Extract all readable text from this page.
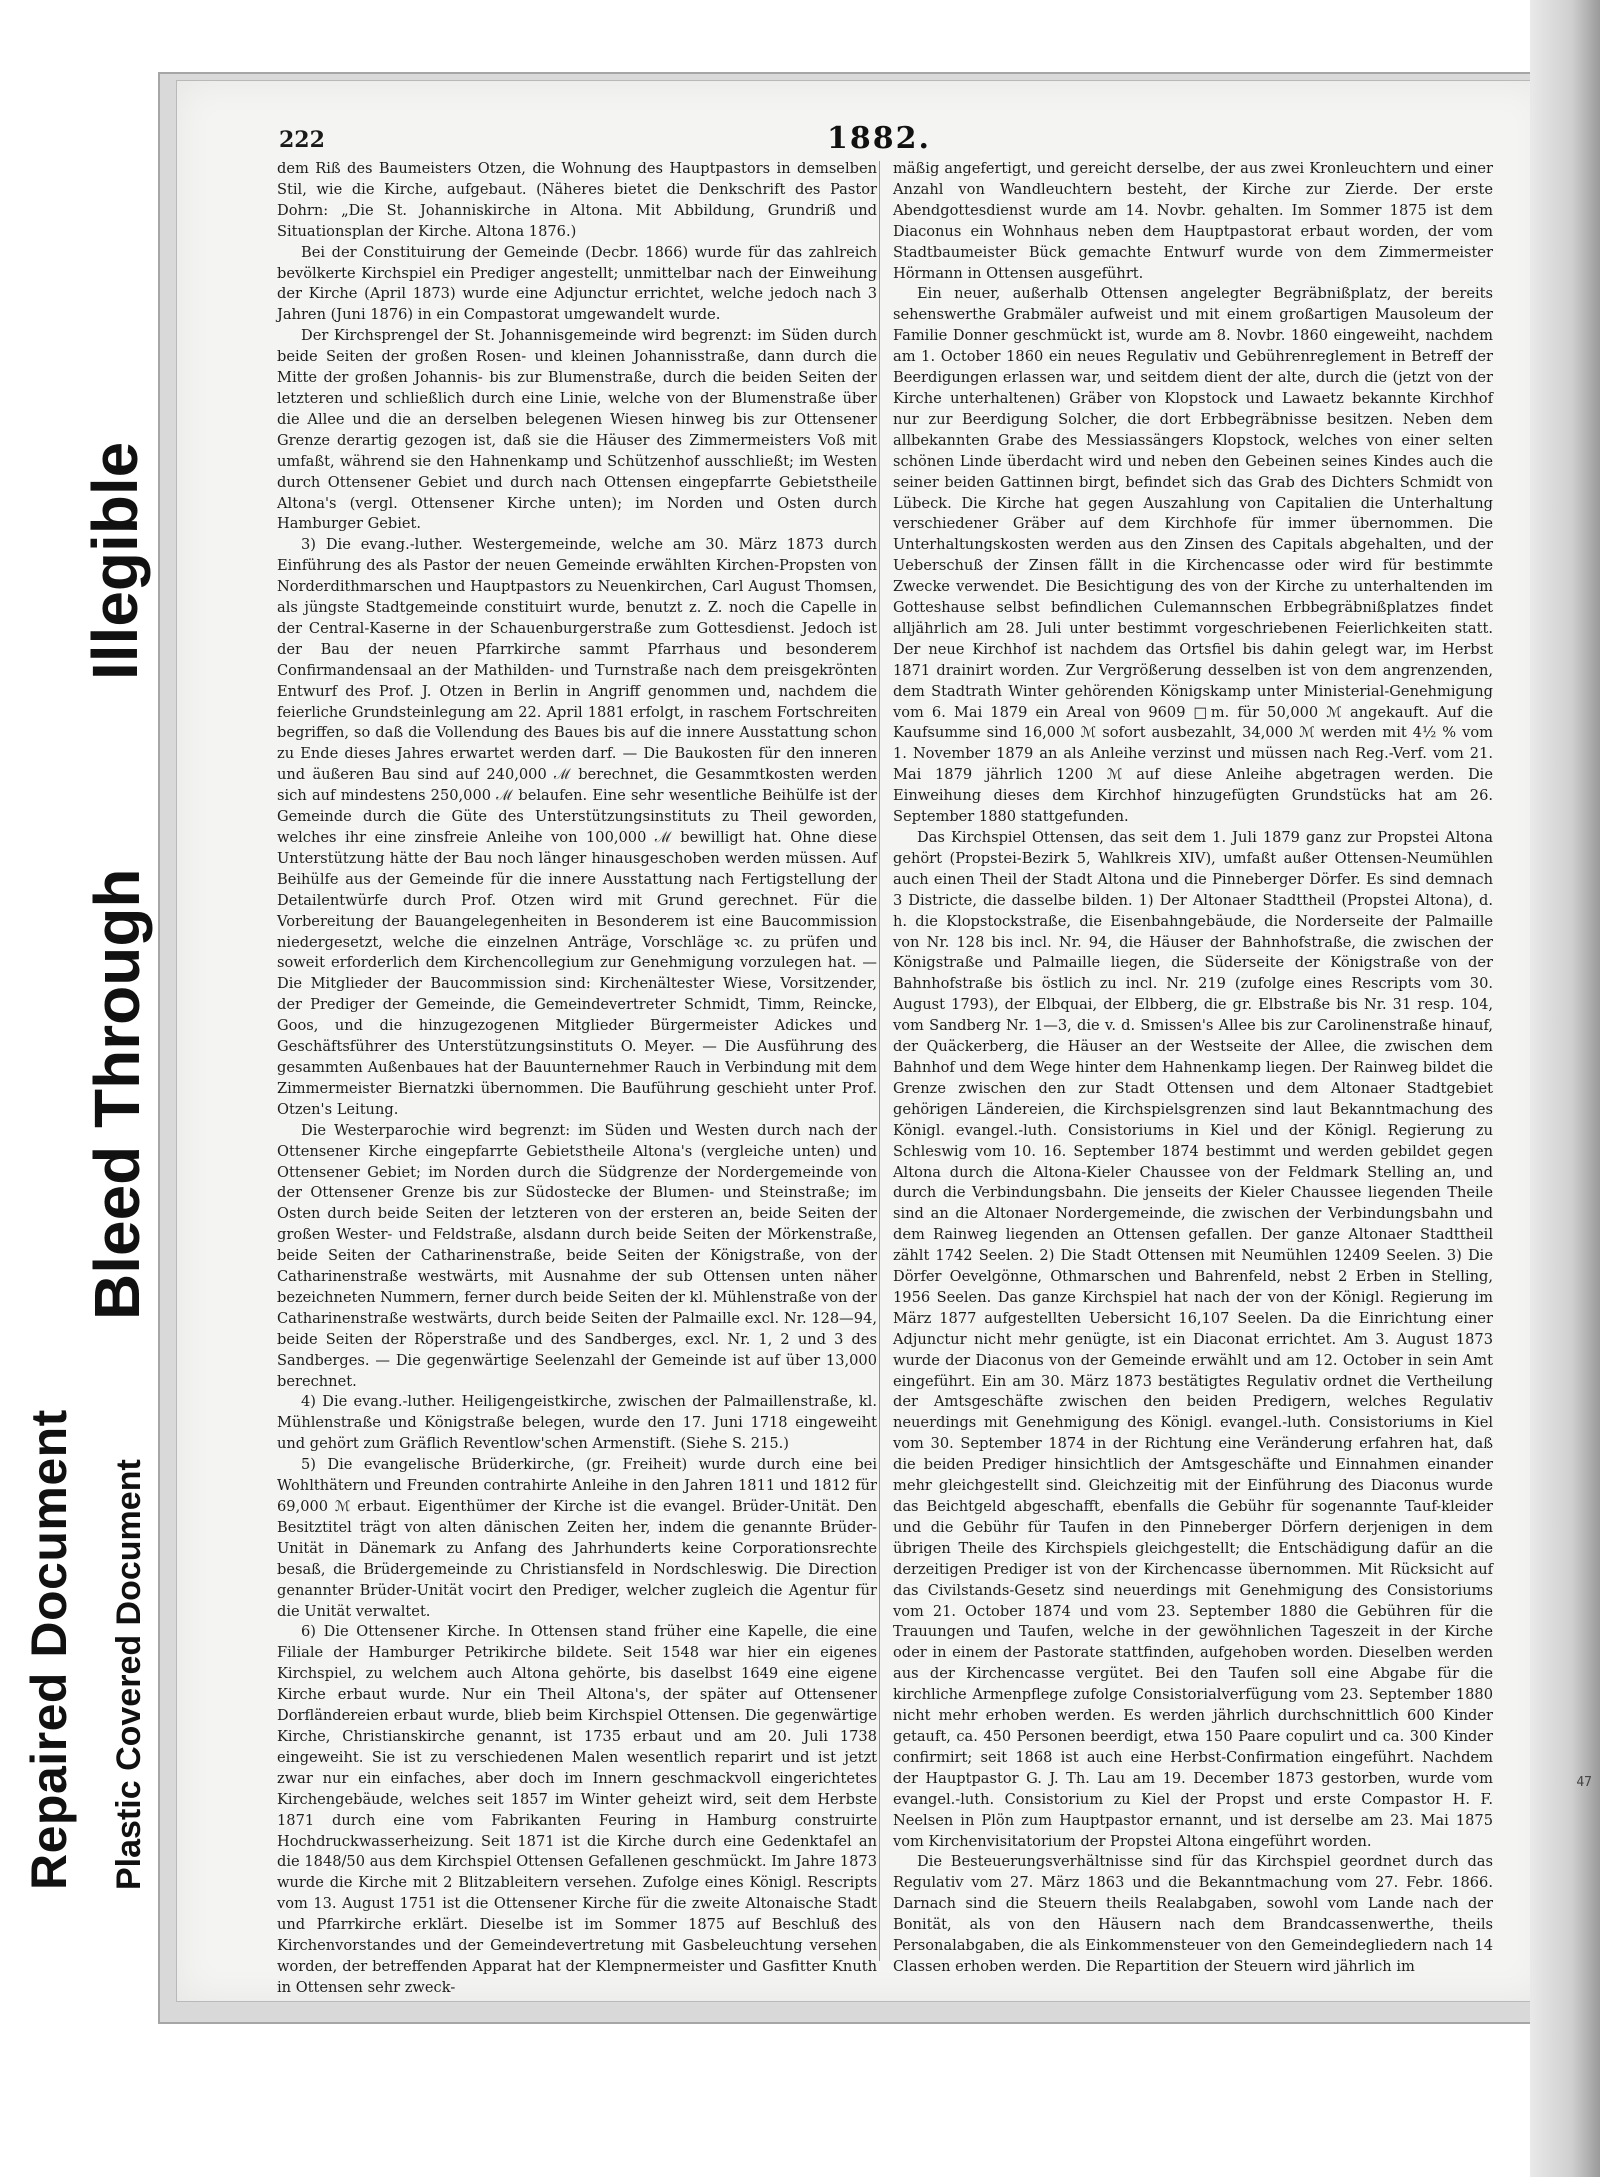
Repaired Document Plastic Covered Document
Bleed Through
Illegible
222	1882.

dem Riß des Baumeisters Otzen, die Wohnung des Hauptpastors in demselben Stil, wie die Kirche, aufgebaut. (Näheres bietet die Denkschrift des Pastor Dohrn: „Die St. Johanniskirche in Altona. Mit Abbildung, Grundriß und Situationsplan der Kirche. Altona 1876.)

Bei der Constituirung der Gemeinde (Decbr. 1866) wurde für das zahlreich bevölkerte Kirchspiel ein Prediger angestellt; unmittelbar nach der Einweihung der Kirche (April 1873) wurde eine Adjunctur errichtet, welche jedoch nach 3 Jahren (Juni 1876) in ein Compastorat umgewandelt wurde.

Der Kirchsprengel der St. Johannisgemeinde wird begrenzt: im Süden durch beide Seiten der großen Rosen- und kleinen Johannisstraße, dann durch die Mitte der großen Johannis- bis zur Blumenstraße, durch die beiden Seiten der letzteren und schließlich durch eine Linie, welche von der Blumenstraße über die Allee und die an derselben belegenen Wiesen hinweg bis zur Ottensener Grenze derartig gezogen ist, daß sie die Häuser des Zimmermeisters Voß mit umfaßt, während sie den Hahnenkamp und Schützenhof ausschließt; im Westen durch Ottensener Gebiet und durch nach Ottensen eingepfarrte Gebietstheile Altona's (vergl. Ottensener Kirche unten); im Norden und Osten durch Hamburger Gebiet.

3) Die evang.-luther. Westergemeinde, welche am 30. März 1873 durch Einführung des als Pastor der neuen Gemeinde erwählten Kirchen-Propsten von Norderdithmarschen und Hauptpastors zu Neuenkirchen, Carl August Thomsen, als jüngste Stadtgemeinde constituirt wurde, benutzt z. Z. noch die Capelle in der Central-Kaserne in der Schauenburgerstraße zum Gottesdienst. Jedoch ist der Bau der neuen Pfarrkirche sammt Pfarrhaus und besonderem Confirmandensaal an der Mathilden- und Turnstraße nach dem preisgekrönten Entwurf des Prof. J. Otzen in Berlin in Angriff genommen und, nachdem die feierliche Grundsteinlegung am 22. April 1881 erfolgt, in raschem Fortschreiten begriffen, so daß die Vollendung des Baues bis auf die innere Ausstattung schon zu Ende dieses Jahres erwartet werden darf. — Die Baukosten für den inneren und äußeren Bau sind auf 240,000 ℳ berechnet, die Gesammtkosten werden sich auf mindestens 250,000 ℳ belaufen. Eine sehr wesentliche Beihülfe ist der Gemeinde durch die Güte des Unterstützungsinstituts zu Theil geworden, welches ihr eine zinsfreie Anleihe von 100,000 ℳ bewilligt hat. Ohne diese Unterstützung hätte der Bau noch länger hinausgeschoben werden müssen. Auf Beihülfe aus der Gemeinde für die innere Ausstattung nach Fertigstellung der Detailentwürfe durch Prof. Otzen wird mit Grund gerechnet. Für die Vorbereitung der Bauangelegenheiten in Besonderem ist eine Baucommission niedergesetzt, welche die einzelnen Anträge, Vorschläge ꝛc. zu prüfen und soweit erforderlich dem Kirchencollegium zur Genehmigung vorzulegen hat. — Die Mitglieder der Baucommission sind: Kirchenältester Wiese, Vorsitzender, der Prediger der Gemeinde, die Gemeindevertreter Schmidt, Timm, Reincke, Goos, und die hinzugezogenen Mitglieder Bürgermeister Adickes und Geschäftsführer des Unterstützungsinstituts O. Meyer. — Die Ausführung des gesammten Außenbaues hat der Bauunternehmer Rauch in Verbindung mit dem Zimmermeister Biernatzki übernommen. Die Bauführung geschieht unter Prof. Otzen's Leitung.

Die Westerparochie wird begrenzt: im Süden und Westen durch nach der Ottensener Kirche eingepfarrte Gebietstheile Altona's (vergleiche unten) und Ottensener Gebiet; im Norden durch die Südgrenze der Nordergemeinde von der Ottensener Grenze bis zur Südostecke der Blumen- und Steinstraße; im Osten durch beide Seiten der letzteren von der ersteren an, beide Seiten der großen Wester- und Feldstraße, alsdann durch beide Seiten der Mörkenstraße, beide Seiten der Catharinenstraße, beide Seiten der Königstraße, von der Catharinenstraße westwärts, mit Ausnahme der sub Ottensen unten näher bezeichneten Nummern, ferner durch beide Seiten der kl. Mühlenstraße von der Catharinenstraße westwärts, durch beide Seiten der Palmaille excl. Nr. 128—94, beide Seiten der Röperstraße und des Sandberges, excl. Nr. 1, 2 und 3 des Sandberges. — Die gegenwärtige Seelenzahl der Gemeinde ist auf über 13,000 berechnet.

4) Die evang.-luther. Heiligengeistkirche, zwischen der Palmaillenstraße, kl. Mühlenstraße und Königstraße belegen, wurde den 17. Juni 1718 eingeweiht und gehört zum Gräflich Reventlow'schen Armenstift. (Siehe S. 215.)

5) Die evangelische Brüderkirche, (gr. Freiheit) wurde durch eine bei Wohlthätern und Freunden contrahirte Anleihe in den Jahren 1811 und 1812 für 69,000 ℳ erbaut. Eigenthümer der Kirche ist die evangel. Brüder-Unität. Den Besitztitel trägt von alten dänischen Zeiten her, indem die genannte Brüder-Unität in Dänemark zu Anfang des Jahrhunderts keine Corporationsrechte besaß, die Brüdergemeinde zu Christiansfeld in Nordschleswig. Die Direction genannter Brüder-Unität vocirt den Prediger, welcher zugleich die Agentur für die Unität verwaltet.

6) Die Ottensener Kirche. In Ottensen stand früher eine Kapelle, die eine Filiale der Hamburger Petrikirche bildete. Seit 1548 war hier ein eigenes Kirchspiel, zu welchem auch Altona gehörte, bis daselbst 1649 eine eigene Kirche erbaut wurde. Nur ein Theil Altona's, der später auf Ottensener Dorfländereien erbaut wurde, blieb beim Kirchspiel Ottensen. Die gegenwärtige Kirche, Christianskirche genannt, ist 1735 erbaut und am 20. Juli 1738 eingeweiht. Sie ist zu verschiedenen Malen wesentlich reparirt und ist jetzt zwar nur ein einfaches, aber doch im Innern geschmackvoll eingerichtetes Kirchengebäude, welches seit 1857 im Winter geheizt wird, seit dem Herbste 1871 durch eine vom Fabrikanten Feuring in Hamburg construirte Hochdruckwasserheizung. Seit 1871 ist die Kirche durch eine Gedenktafel an die 1848/50 aus dem Kirchspiel Ottensen Gefallenen geschmückt. Im Jahre 1873 wurde die Kirche mit 2 Blitzableitern versehen. Zufolge eines Königl. Rescripts vom 13. August 1751 ist die Ottensener Kirche für die zweite Altonaische Stadt und Pfarrkirche erklärt. Dieselbe ist im Sommer 1875 auf Beschluß des Kirchenvorstandes und der Gemeindevertretung mit Gasbeleuchtung versehen worden, der betreffenden Apparat hat der Klempnermeister und Gasfitter Knuth in Ottensen sehr zweck-

mäßig angefertigt, und gereicht derselbe, der aus zwei Kronleuchtern und einer Anzahl von Wandleuchtern besteht, der Kirche zur Zierde. Der erste Abendgottesdienst wurde am 14. Novbr. gehalten. Im Sommer 1875 ist dem Diaconus ein Wohnhaus neben dem Hauptpastorat erbaut worden, der vom Stadtbaumeister Bück gemachte Entwurf wurde von dem Zimmermeister Hörmann in Ottensen ausgeführt.

Ein neuer, außerhalb Ottensen angelegter Begräbnißplatz, der bereits sehenswerthe Grabmäler aufweist und mit einem großartigen Mausoleum der Familie Donner geschmückt ist, wurde am 8. Novbr. 1860 eingeweiht, nachdem am 1. October 1860 ein neues Regulativ und Gebührenreglement in Betreff der Beerdigungen erlassen war, und seitdem dient der alte, durch die (jetzt von der Kirche unterhaltenen) Gräber von Klopstock und Lawaetz bekannte Kirchhof nur zur Beerdigung Solcher, die dort Erbbegräbnisse besitzen. Neben dem allbekannten Grabe des Messiassängers Klopstock, welches von einer selten schönen Linde überdacht wird und neben den Gebeinen seines Kindes auch die seiner beiden Gattinnen birgt, befindet sich das Grab des Dichters Schmidt von Lübeck. Die Kirche hat gegen Auszahlung von Capitalien die Unterhaltung verschiedener Gräber auf dem Kirchhofe für immer übernommen. Die Unterhaltungskosten werden aus den Zinsen des Capitals abgehalten, und der Ueberschuß der Zinsen fällt in die Kirchencasse oder wird für bestimmte Zwecke verwendet. Die Besichtigung des von der Kirche zu unterhaltenden im Gotteshause selbst befindlichen Culemannschen Erbbegräbnißplatzes findet alljährlich am 28. Juli unter bestimmt vorgeschriebenen Feierlichkeiten statt. Der neue Kirchhof ist nachdem das Ortsfiel bis dahin gelegt war, im Herbst 1871 drainirt worden. Zur Vergrößerung desselben ist von dem angrenzenden, dem Stadtrath Winter gehörenden Königskamp unter Ministerial-Genehmigung vom 6. Mai 1879 ein Areal von 9609 □m. für 50,000 ℳ angekauft. Auf die Kaufsumme sind 16,000 ℳ sofort ausbezahlt, 34,000 ℳ werden mit 4½ % vom 1. November 1879 an als Anleihe verzinst und müssen nach Reg.-Verf. vom 21. Mai 1879 jährlich 1200 ℳ auf diese Anleihe abgetragen werden. Die Einweihung dieses dem Kirchhof hinzugefügten Grundstücks hat am 26. September 1880 stattgefunden.

Das Kirchspiel Ottensen, das seit dem 1. Juli 1879 ganz zur Propstei Altona gehört (Propstei-Bezirk 5, Wahlkreis XIV), umfaßt außer Ottensen-Neumühlen auch einen Theil der Stadt Altona und die Pinneberger Dörfer. Es sind demnach 3 Districte, die dasselbe bilden. 1) Der Altonaer Stadttheil (Propstei Altona), d. h. die Klopstockstraße, die Eisenbahngebäude, die Norderseite der Palmaille von Nr. 128 bis incl. Nr. 94, die Häuser der Bahnhofstraße, die zwischen der Königstraße und Palmaille liegen, die Süderseite der Königstraße von der Bahnhofstraße bis östlich zu incl. Nr. 219 (zufolge eines Rescripts vom 30. August 1793), der Elbquai, der Elbberg, die gr. Elbstraße bis Nr. 31 resp. 104, vom Sandberg Nr. 1—3, die v. d. Smissen's Allee bis zur Carolinenstraße hinauf, der Quäckerberg, die Häuser an der Westseite der Allee, die zwischen dem Bahnhof und dem Wege hinter dem Hahnenkamp liegen. Der Rainweg bildet die Grenze zwischen den zur Stadt Ottensen und dem Altonaer Stadtgebiet gehörigen Ländereien, die Kirchspielsgrenzen sind laut Bekanntmachung des Königl. evangel.-luth. Consistoriums in Kiel und der Königl. Regierung zu Schleswig vom 10. 16. September 1874 bestimmt und werden gebildet gegen Altona durch die Altona-Kieler Chaussee von der Feldmark Stelling an, und durch die Verbindungsbahn. Die jenseits der Kieler Chaussee liegenden Theile sind an die Altonaer Nordergemeinde, die zwischen der Verbindungsbahn und dem Rainweg liegenden an Ottensen gefallen. Der ganze Altonaer Stadttheil zählt 1742 Seelen. 2) Die Stadt Ottensen mit Neumühlen 12409 Seelen. 3) Die Dörfer Oevelgönne, Othmarschen und Bahrenfeld, nebst 2 Erben in Stelling, 1956 Seelen. Das ganze Kirchspiel hat nach der von der Königl. Regierung im März 1877 aufgestellten Uebersicht 16,107 Seelen. Da die Einrichtung einer Adjunctur nicht mehr genügte, ist ein Diaconat errichtet. Am 3. August 1873 wurde der Diaconus von der Gemeinde erwählt und am 12. October in sein Amt eingeführt. Ein am 30. März 1873 bestätigtes Regulativ ordnet die Vertheilung der Amtsgeschäfte zwischen den beiden Predigern, welches Regulativ neuerdings mit Genehmigung des Königl. evangel.-luth. Consistoriums in Kiel vom 30. September 1874 in der Richtung eine Veränderung erfahren hat, daß die beiden Prediger hinsichtlich der Amtsgeschäfte und Einnahmen einander mehr gleichgestellt sind. Gleichzeitig mit der Einführung des Diaconus wurde das Beichtgeld abgeschafft, ebenfalls die Gebühr für sogenannte Tauf-kleider und die Gebühr für Taufen in den Pinneberger Dörfern derjenigen in dem übrigen Theile des Kirchspiels gleichgestellt; die Entschädigung dafür an die derzeitigen Prediger ist von der Kirchencasse übernommen. Mit Rücksicht auf das Civilstands-Gesetz sind neuerdings mit Genehmigung des Consistoriums vom 21. October 1874 und vom 23. September 1880 die Gebühren für die Trauungen und Taufen, welche in der gewöhnlichen Tageszeit in der Kirche oder in einem der Pastorate stattfinden, aufgehoben worden. Dieselben werden aus der Kirchencasse vergütet. Bei den Taufen soll eine Abgabe für die kirchliche Armenpflege zufolge Consistorialverfügung vom 23. September 1880 nicht mehr erhoben werden. Es werden jährlich durchschnittlich 600 Kinder getauft, ca. 450 Personen beerdigt, etwa 150 Paare copulirt und ca. 300 Kinder confirmirt; seit 1868 ist auch eine Herbst-Confirmation eingeführt. Nachdem der Hauptpastor G. J. Th. Lau am 19. December 1873 gestorben, wurde vom evangel.-luth. Consistorium zu Kiel der Propst und erste Compastor H. F. Neelsen in Plön zum Hauptpastor ernannt, und ist derselbe am 23. Mai 1875 vom Kirchenvisitatorium der Propstei Altona eingeführt worden.

Die Besteuerungsverhältnisse sind für das Kirchspiel geordnet durch das Regulativ vom 27. März 1863 und die Bekanntmachung vom 27. Febr. 1866. Darnach sind die Steuern theils Realabgaben, sowohl vom Lande nach der Bonität, als von den Häusern nach dem Brandcassenwerthe, theils Personalabgaben, die als Einkommensteuer von den Gemeindegliedern nach 14 Classen erhoben werden. Die Repartition der Steuern wird jährlich im

47
